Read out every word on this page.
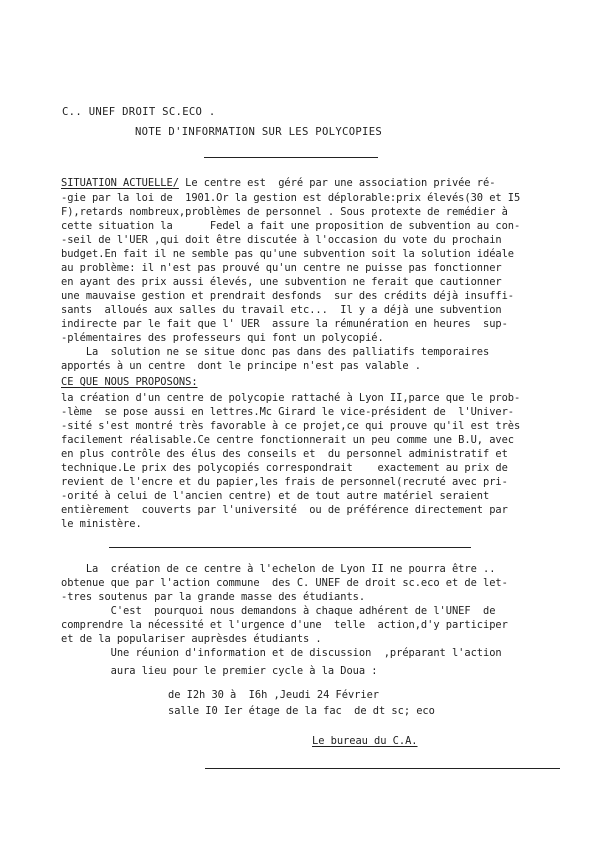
C.. UNEF DROIT SC.ECO .
NOTE D'INFORMATION SUR LES POLYCOPIES
SITUATION ACTUELLE/ Le centre est  géré par une association privée ré-
-gie par la loi de  1901.Or la gestion est déplorable:prix élevés(30 et I5
F),retards nombreux,problèmes de personnel . Sous protexte de remédier à
cette situation la      Fedel a fait une proposition de subvention au con-
-seil de l'UER ,qui doit être discutée à l'occasion du vote du prochain
budget.En fait il ne semble pas qu'une subvention soit la solution idéale
au problème: il n'est pas prouvé qu'un centre ne puisse pas fonctionner
en ayant des prix aussi élevés, une subvention ne ferait que cautionner
une mauvaise gestion et prendrait desfonds  sur des crédits déjà insuffi-
sants  alloués aux salles du travail etc...  Il y a déjà une subvention
indirecte par le fait que l' UER  assure la rémunération en heures  sup-
-plémentaires des professeurs qui font un polycopié.
La  solution ne se situe donc pas dans des palliatifs temporaires
apportés à un centre  dont le principe n'est pas valable .
CE QUE NOUS PROPOSONS:
la création d'un centre de polycopie rattaché à Lyon II,parce que le prob-
-lème  se pose aussi en lettres.Mc Girard le vice-président de  l'Univer-
-sité s'est montré très favorable à ce projet,ce qui prouve qu'il est très
facilement réalisable.Ce centre fonctionnerait un peu comme une B.U, avec
en plus contrôle des élus des conseils et  du personnel administratif et
technique.Le prix des polycopiés correspondrait    exactement au prix de
revient de l'encre et du papier,les frais de personnel(recruté avec pri-
-orité à celui de l'ancien centre) et de tout autre matériel seraient
entièrement  couverts par l'université  ou de préférence directement par
le ministère.
La  création de ce centre à l'echelon de Lyon II ne pourra être ..
obtenue que par l'action commune  des C. UNEF de droit sc.eco et de let-
-tres soutenus par la grande masse des étudiants.
C'est  pourquoi nous demandons à chaque adhérent de l'UNEF  de
comprendre la nécessité et l'urgence d'une  telle  action,d'y participer
et de la populariser auprèsdes étudiants .
Une réunion d'information et de discussion  ,préparant l'action
aura lieu pour le premier cycle à la Doua :
de I2h 30 à  I6h ,Jeudi 24 Février
salle I0 Ier étage de la fac  de dt sc; eco
Le bureau du C.A.
